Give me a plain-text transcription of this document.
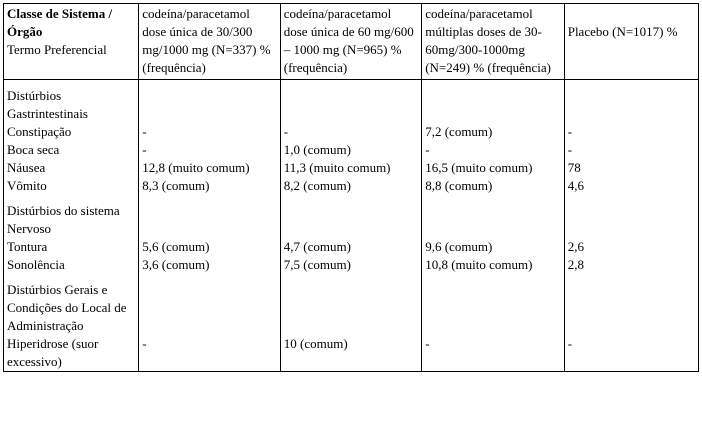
Classe de Sistema / Órgão
Termo Preferencial	codeína/paracetamol dose única de 30/300 mg/1000 mg (N=337) % (frequência)	codeína/paracetamol dose única de 60 mg/600 – 1000 mg (N=965) % (frequência)	codeína/paracetamol múltiplas doses de 30-60mg/300-1000mg (N=249) % (frequência)	Placebo (N=1017) %

Distúrbios Gastrintestinais				
Constipação	-	-	7,2 (comum)	-
Boca seca	-	1,0 (comum)	-	-
Náusea	12,8 (muito comum)	11,3 (muito comum)	16,5 (muito comum)	78
Vômito	8,3 (comum)	8,2 (comum)	8,8 (comum)	4,6

Distúrbios do sistema Nervoso				
Tontura	5,6 (comum)	4,7 (comum)	9,6 (comum)	2,6
Sonolência	3,6 (comum)	7,5 (comum)	10,8 (muito comum)	2,8

Distúrbios Gerais e Condições do Local de Administração				
Hiperidrose (suor excessivo)	-	10 (comum)	-	-
